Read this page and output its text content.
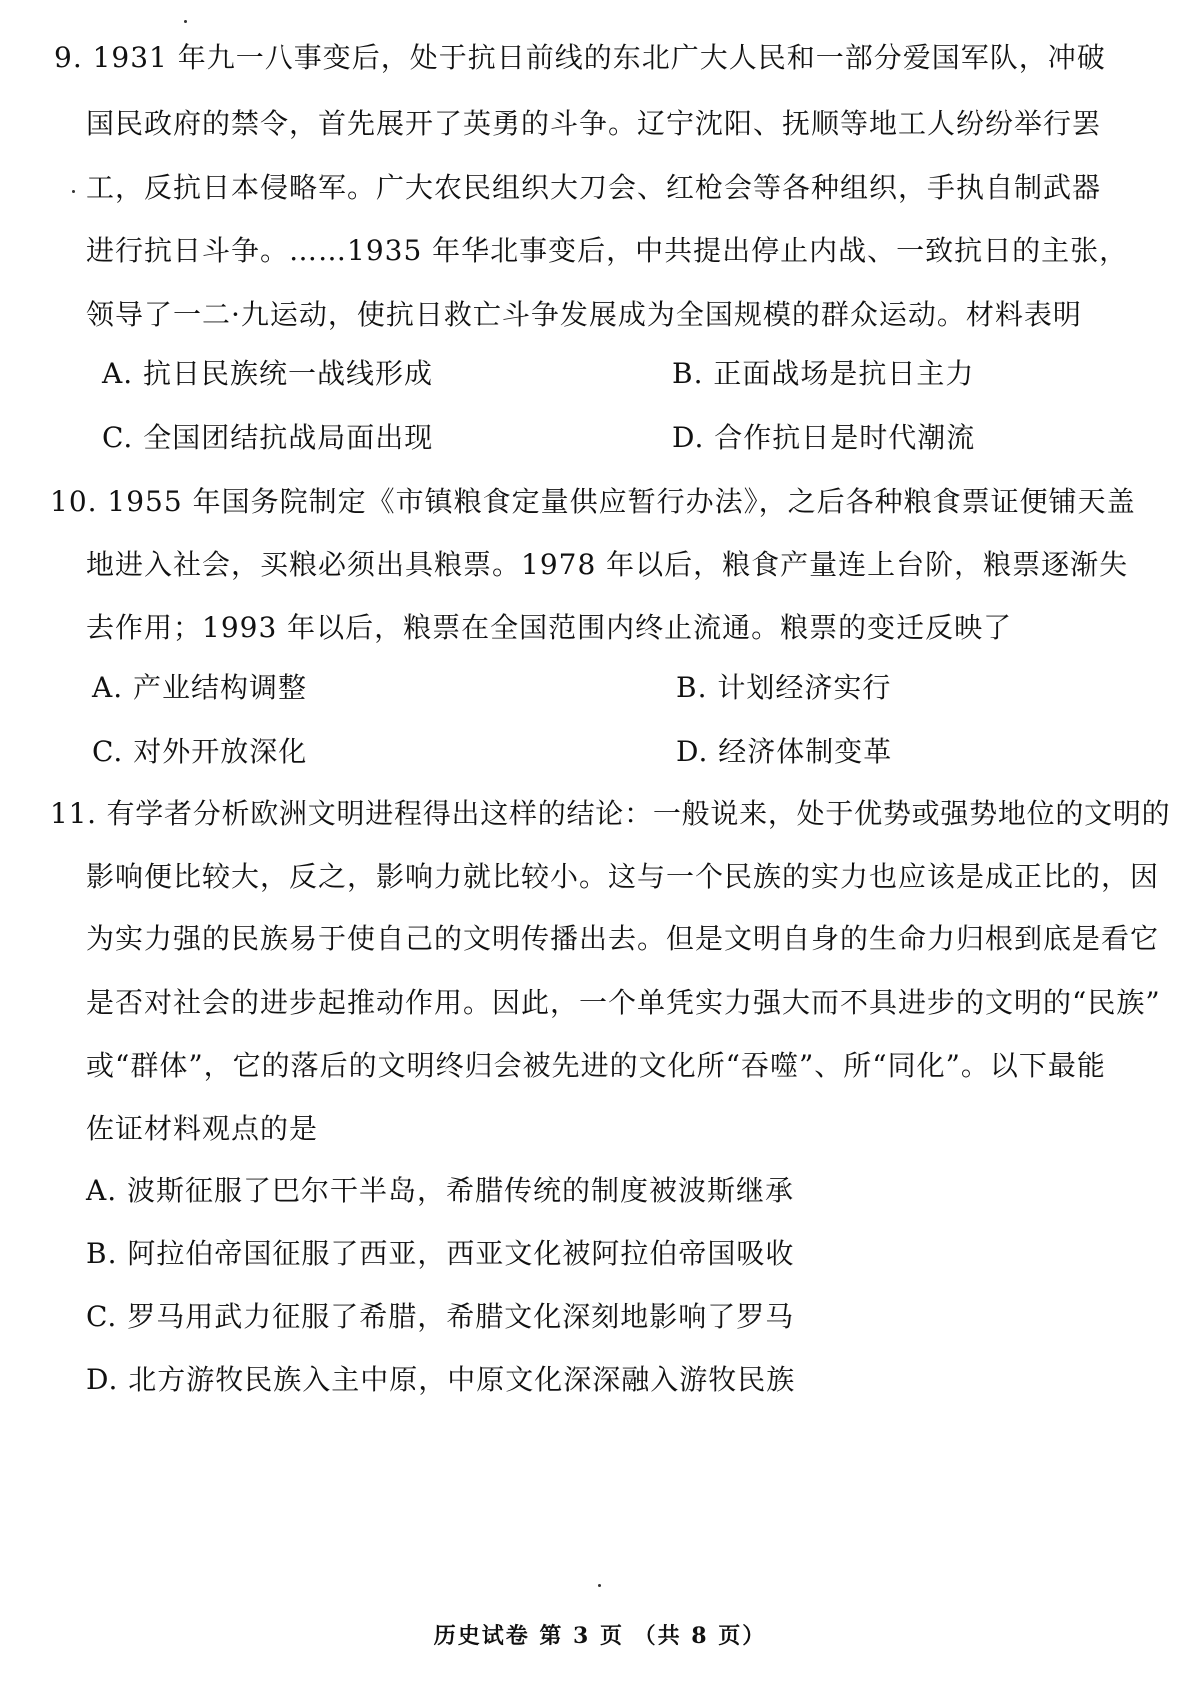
9. 1931 年九一八事变后，处于抗日前线的东北广大人民和一部分爱国军队，冲破
国民政府的禁令，首先展开了英勇的斗争。辽宁沈阳、抚顺等地工人纷纷举行罢
工，反抗日本侵略军。广大农民组织大刀会、红枪会等各种组织，手执自制武器
进行抗日斗争。……1935 年华北事变后，中共提出停止内战、一致抗日的主张，
领导了一二·九运动，使抗日救亡斗争发展成为全国规模的群众运动。材料表明
A. 抗日民族统一战线形成	B. 正面战场是抗日主力
C. 全国团结抗战局面出现	D. 合作抗日是时代潮流
10. 1955 年国务院制定《市镇粮食定量供应暂行办法》，之后各种粮食票证便铺天盖
地进入社会，买粮必须出具粮票。1978 年以后，粮食产量连上台阶，粮票逐渐失
去作用；1993 年以后，粮票在全国范围内终止流通。粮票的变迁反映了
A. 产业结构调整	B. 计划经济实行
C. 对外开放深化	D. 经济体制变革
11. 有学者分析欧洲文明进程得出这样的结论：一般说来，处于优势或强势地位的文明的
影响便比较大，反之，影响力就比较小。这与一个民族的实力也应该是成正比的，因
为实力强的民族易于使自己的文明传播出去。但是文明自身的生命力归根到底是看它
是否对社会的进步起推动作用。因此，一个单凭实力强大而不具进步的文明的“民族”
或“群体”，它的落后的文明终归会被先进的文化所“吞噬”、所“同化”。以下最能
佐证材料观点的是
A. 波斯征服了巴尔干半岛，希腊传统的制度被波斯继承
B. 阿拉伯帝国征服了西亚，西亚文化被阿拉伯帝国吸收
C. 罗马用武力征服了希腊，希腊文化深刻地影响了罗马
D. 北方游牧民族入主中原，中原文化深深融入游牧民族
历史试卷 第 3 页 （共 8 页）
